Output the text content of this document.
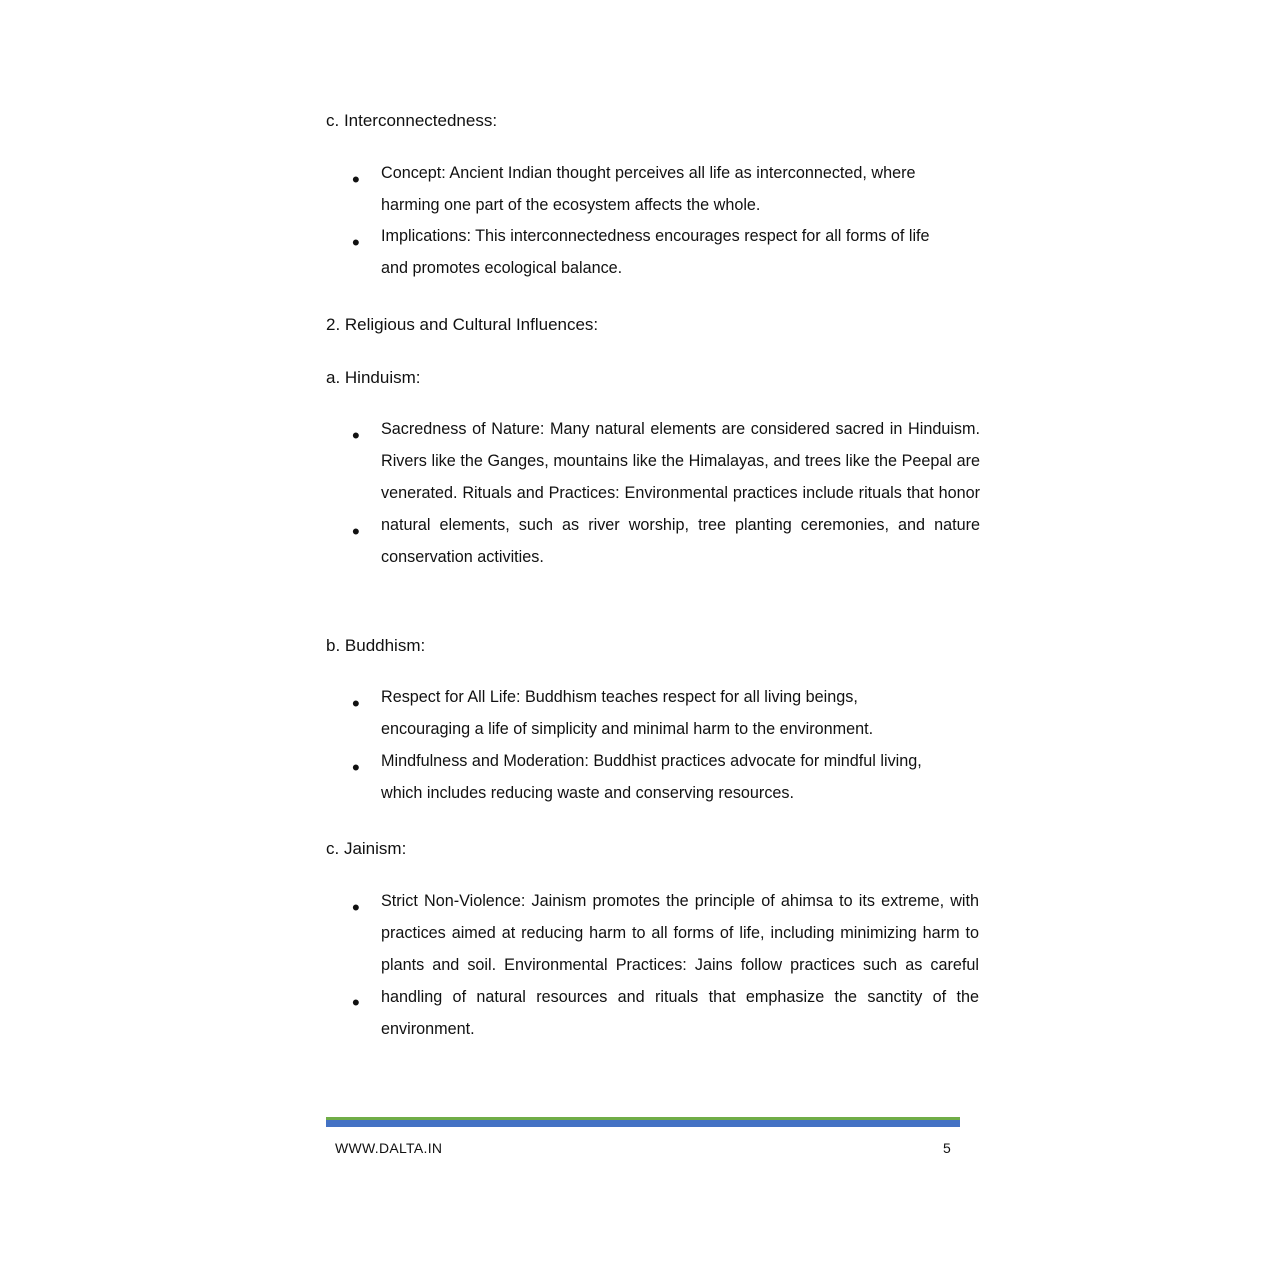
c. Interconnectedness:
• Concept: Ancient Indian thought perceives all life as interconnected, where harming one part of the ecosystem affects the whole.
• Implications: This interconnectedness encourages respect for all forms of life and promotes ecological balance.
2. Religious and Cultural Influences:
a. Hinduism:
•
•
Sacredness of Nature: Many natural elements are considered sacred in Hinduism. Rivers like the Ganges, mountains like the Himalayas, and trees like the Peepal are venerated. Rituals and Practices: Environmental practices include rituals that honor natural elements, such as river worship, tree planting ceremonies, and nature conservation activities.
b. Buddhism:
• Respect for All Life: Buddhism teaches respect for all living beings, encouraging a life of simplicity and minimal harm to the environment.
• Mindfulness and Moderation: Buddhist practices advocate for mindful living, which includes reducing waste and conserving resources.
c. Jainism:
•
•
Strict Non-Violence: Jainism promotes the principle of ahimsa to its extreme, with practices aimed at reducing harm to all forms of life, including minimizing harm to plants and soil. Environmental Practices: Jains follow practices such as careful handling of natural resources and rituals that emphasize the sanctity of the environment.
WWW.DALTA.IN	5
